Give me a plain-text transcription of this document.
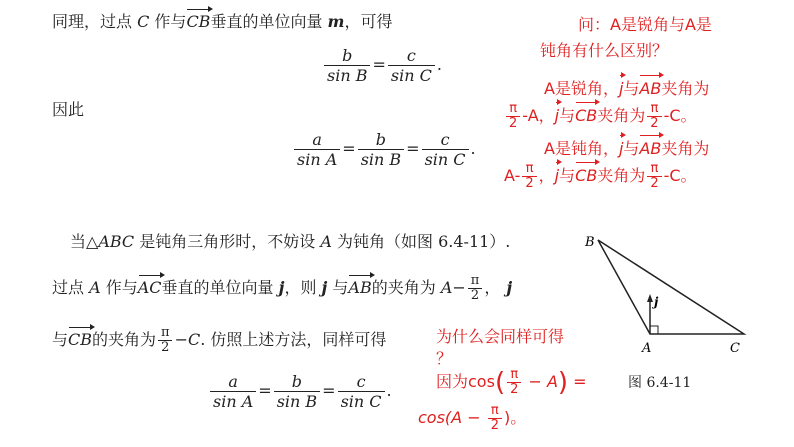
同理，过点 C 作与CB垂直的单位向量 m，可得
$\frac{b}{\text{sin B}} = \frac{c}{\text{sin C}}$ .
因此
$\frac{a}{\text{sin A}} = \frac{b}{\text{sin B}} = \frac{c}{\text{sin C}}$ .
当△ABC 是钝角三角形时，不妨设 A 为钝角（如图 6.4-11）.
过点 A 作与AC垂直的单位向量 j，则 j 与AB的夹角为 $A- \frac{\pi}{2}$ ， j
与CB的夹角为 $\frac{\pi}{2} -C$. 仿照上述方法，同样可得
$\frac{a}{\text{sin A}} = \frac{b}{\text{sin B}} = \frac{c}{\text{sin C}}$ .
问：A是锐角与A是
钝角有什么区别？
A是锐角，j与AB夹角为
$\frac{\pi}{2} -A$，j与CB夹角为 $\frac{\pi}{2} -C$。
A是钝角，j与AB夹角为
$A- \frac{\pi}{2}$ ，j与CB夹角为 $\frac{\pi}{2} -C$。
为什么会同样可得
？
因为$\cos( \frac{\pi}{2} - A)$ =
$\cos(A - \frac{\pi}{2}$ )。
B
A	C
j
图 6.4-11
